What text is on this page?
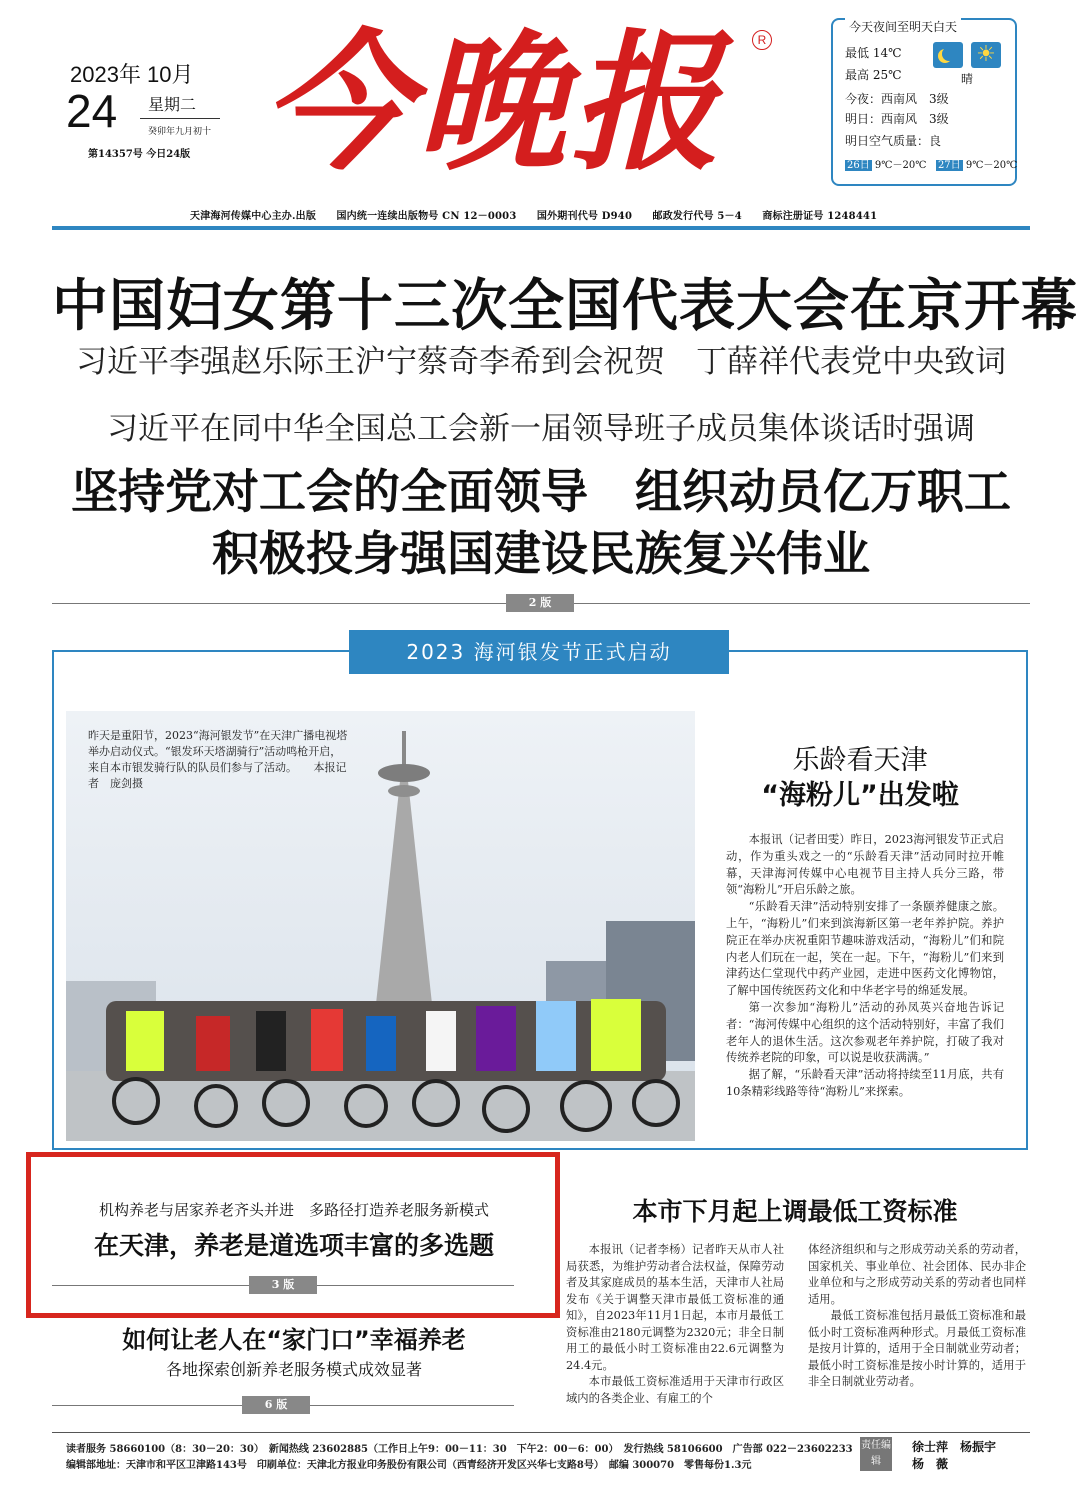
2023年 10月
24 星期二
癸卯年九月初十
第14357号 今日24版 今晚报	R
今天夜间至明天白天
最低 14℃
最高 25℃
☀
晴
今夜：西南风　3级
明日：西南风　3级
明日空气质量：良
26日 9℃－20℃ 27日 9℃－20℃
天津海河传媒中心主办.出版　　国内统一连续出版物号 CN 12－0003　　国外期刊代号 D940　　邮政发行代号 5－4　　商标注册证号 1248441
中国妇女第十三次全国代表大会在京开幕
习近平李强赵乐际王沪宁蔡奇李希到会祝贺　丁薛祥代表党中央致词
习近平在同中华全国总工会新一届领导班子成员集体谈话时强调
坚持党对工会的全面领导　组织动员亿万职工
积极投身强国建设民族复兴伟业
2 版
2023 海河银发节正式启动
昨天是重阳节，2023“海河银发节”在天津广播电视塔举办启动仪式。“银发环天塔湖骑行”活动鸣枪开启，来自本市银发骑行队的队员们参与了活动。　　本报记者　庞剑摄
乐龄看天津
“海粉儿”出发啦

本报讯（记者田雯）昨日，2023海河银发节正式启动，作为重头戏之一的“乐龄看天津”活动同时拉开帷幕，天津海河传媒中心电视节目主持人兵分三路，带领“海粉儿”开启乐龄之旅。

“乐龄看天津”活动特别安排了一条颐养健康之旅。上午，“海粉儿”们来到滨海新区第一老年养护院。养护院正在举办庆祝重阳节趣味游戏活动，“海粉儿”们和院内老人们玩在一起，笑在一起。下午，“海粉儿”们来到津药达仁堂现代中药产业园，走进中医药文化博物馆，了解中国传统医药文化和中华老字号的绵延发展。

第一次参加“海粉儿”活动的孙凤英兴奋地告诉记者：“海河传媒中心组织的这个活动特别好，丰富了我们老年人的退休生活。这次参观老年养护院，打破了我对传统养老院的印象，可以说是收获满满。”

据了解，“乐龄看天津”活动将持续至11月底，共有10条精彩线路等待“海粉儿”来探索。

机构养老与居家养老齐头并进　多路径打造养老服务新模式
在天津，养老是道选项丰富的多选题
3 版
如何让老人在“家门口”幸福养老
各地探索创新养老服务模式成效显著
6 版
本市下月起上调最低工资标准

本报讯（记者李杨）记者昨天从市人社局获悉，为维护劳动者合法权益，保障劳动者及其家庭成员的基本生活，天津市人社局发布《关于调整天津市最低工资标准的通知》，自2023年11月1日起，本市月最低工资标准由2180元调整为2320元；非全日制用工的最低小时工资标准由22.6元调整为24.4元。

本市最低工资标准适用于天津市行政区域内的各类企业、有雇工的个

体经济组织和与之形成劳动关系的劳动者，国家机关、事业单位、社会团体、民办非企业单位和与之形成劳动关系的劳动者也同样适用。

最低工资标准包括月最低工资标准和最低小时工资标准两种形式。月最低工资标准是按月计算的，适用于全日制就业劳动者；最低小时工资标准是按小时计算的，适用于非全日制就业劳动者。

读者服务 58660100（8：30－20：30）　新闻热线 23602885（工作日上午9：00－11：30　下午2：00－6：00）　发行热线 58106600　广告部 022－23602233
编辑部地址：天津市和平区卫津路143号　印刷单位：天津北方报业印务股份有限公司（西青经济开发区兴华七支路8号）　邮编 300070　零售每份1.3元
责任编辑
徐士萍　杨振宇
杨　薇
